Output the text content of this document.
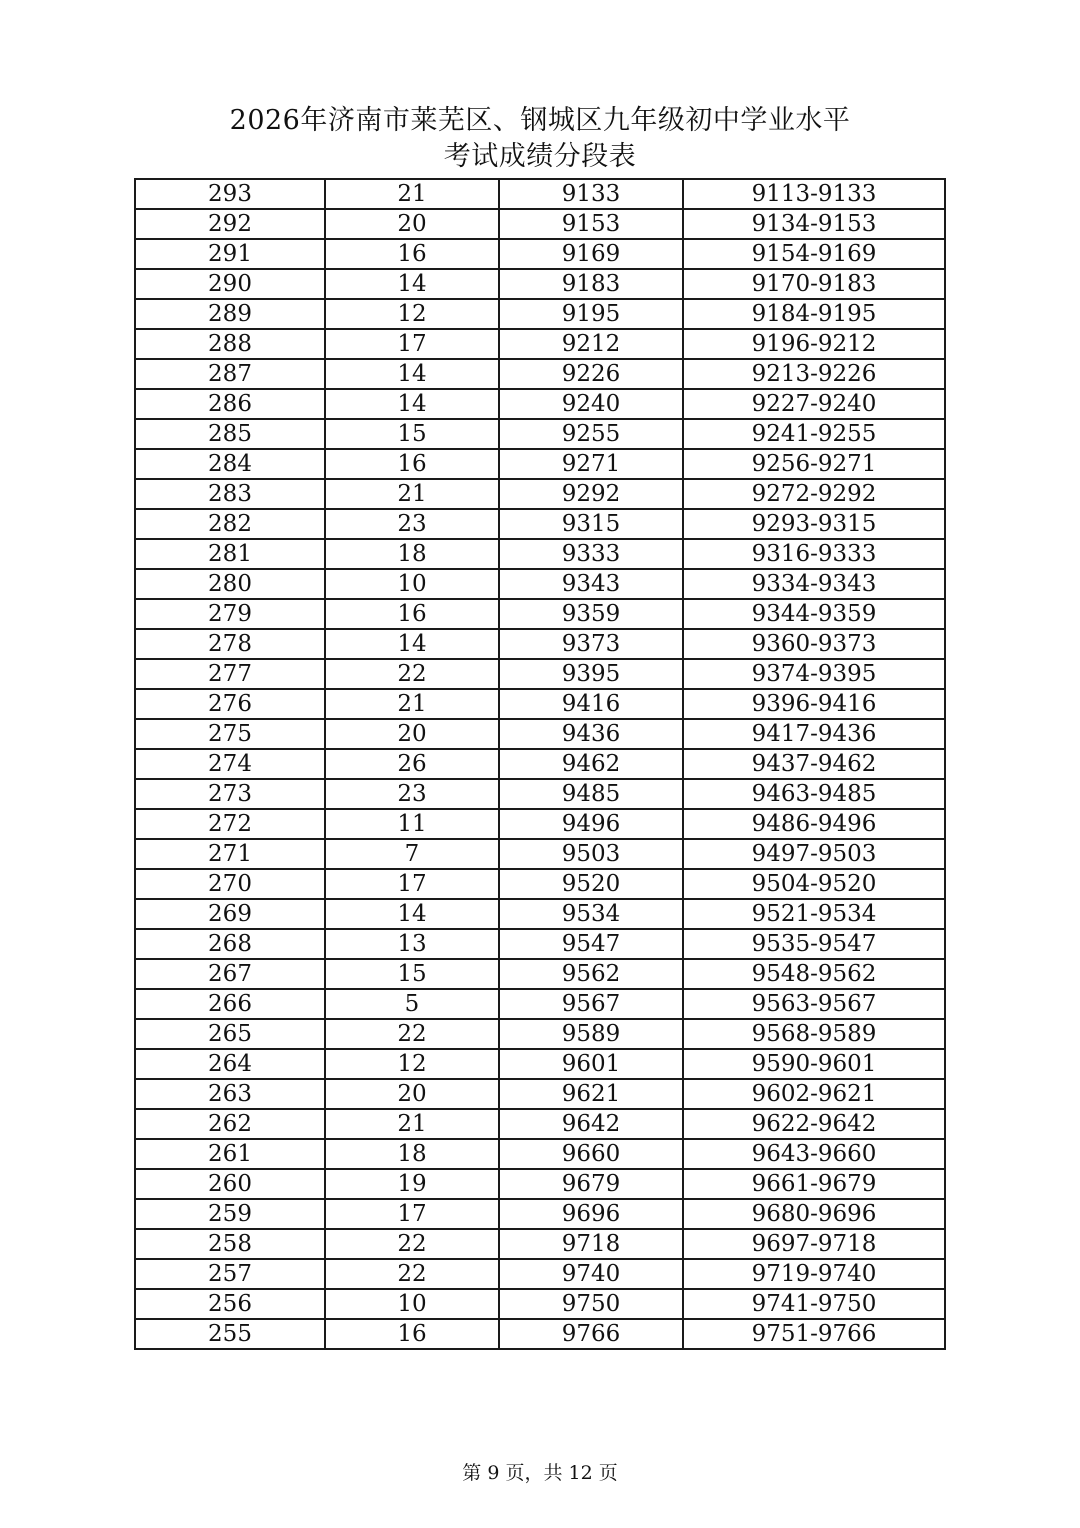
2026年济南市莱芜区、钢城区九年级初中学业水平
考试成绩分段表
293	21	9133	9113-9133
292	20	9153	9134-9153
291	16	9169	9154-9169
290	14	9183	9170-9183
289	12	9195	9184-9195
288	17	9212	9196-9212
287	14	9226	9213-9226
286	14	9240	9227-9240
285	15	9255	9241-9255
284	16	9271	9256-9271
283	21	9292	9272-9292
282	23	9315	9293-9315
281	18	9333	9316-9333
280	10	9343	9334-9343
279	16	9359	9344-9359
278	14	9373	9360-9373
277	22	9395	9374-9395
276	21	9416	9396-9416
275	20	9436	9417-9436
274	26	9462	9437-9462
273	23	9485	9463-9485
272	11	9496	9486-9496
271	7	9503	9497-9503
270	17	9520	9504-9520
269	14	9534	9521-9534
268	13	9547	9535-9547
267	15	9562	9548-9562
266	5	9567	9563-9567
265	22	9589	9568-9589
264	12	9601	9590-9601
263	20	9621	9602-9621
262	21	9642	9622-9642
261	18	9660	9643-9660
260	19	9679	9661-9679
259	17	9696	9680-9696
258	22	9718	9697-9718
257	22	9740	9719-9740
256	10	9750	9741-9750
255	16	9766	9751-9766
第 9 页，共 12 页
